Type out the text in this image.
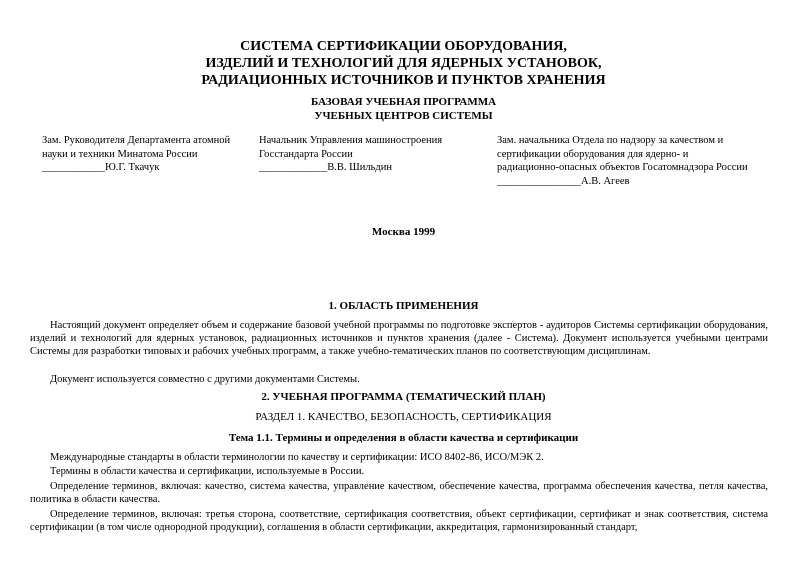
СИСТЕМА СЕРТИФИКАЦИИ ОБОРУДОВАНИЯ,
ИЗДЕЛИЙ И ТЕХНОЛОГИЙ ДЛЯ ЯДЕРНЫХ УСТАНОВОК,
РАДИАЦИОННЫХ ИСТОЧНИКОВ И ПУНКТОВ ХРАНЕНИЯ
БАЗОВАЯ УЧЕБНАЯ ПРОГРАММА
УЧЕБНЫХ ЦЕНТРОВ СИСТЕМЫ
Зам. Руководителя Департамента атомной
науки и техники Минатома России
____________Ю.Г. Ткачук
Начальник Управления машиностроения
Госстандарта России
_____________В.В. Шильдин
Зам. начальника Отдела по надзору за качеством и
сертификации оборудования для ядерно- и
радиационно-опасных объектов Госатомнадзора России
________________А.В. Агеев
Москва 1999
1. ОБЛАСТЬ ПРИМЕНЕНИЯ
Настоящий документ определяет объем и содержание базовой учебной программы по подготовке экспертов - аудиторов Системы сертификации оборудования, изделий и технологий для ядерных установок, радиационных источников и пунктов хранения (далее - Система). Документ используется учебными центрами Системы для разработки типовых и рабочих учебных программ, а также учебно-тематических планов по соответствующим дисциплинам.
Документ используется совместно с другими документами Системы.
2. УЧЕБНАЯ ПРОГРАММА (ТЕМАТИЧЕСКИЙ ПЛАН)
РАЗДЕЛ 1. КАЧЕСТВО, БЕЗОПАСНОСТЬ, СЕРТИФИКАЦИЯ
Тема 1.1. Термины и определения в области качества и сертификации
Международные стандарты в области терминологии по качеству и сертификации: ИСО 8402-86, ИСО/МЭК 2.
Термины в области качества и сертификации, используемые в России.
Определение терминов, включая: качество, система качества, управление качеством, обеспечение качества, программа обеспечения качества, петля качества, политика в области качества.
Определение терминов, включая: третья сторона, соответствие, сертификация соответствия, объект сертификации, сертификат и знак соответствия, система сертификации (в том числе однородной продукции), соглашения в области сертификации, аккредитация, гармонизированный стандарт,
